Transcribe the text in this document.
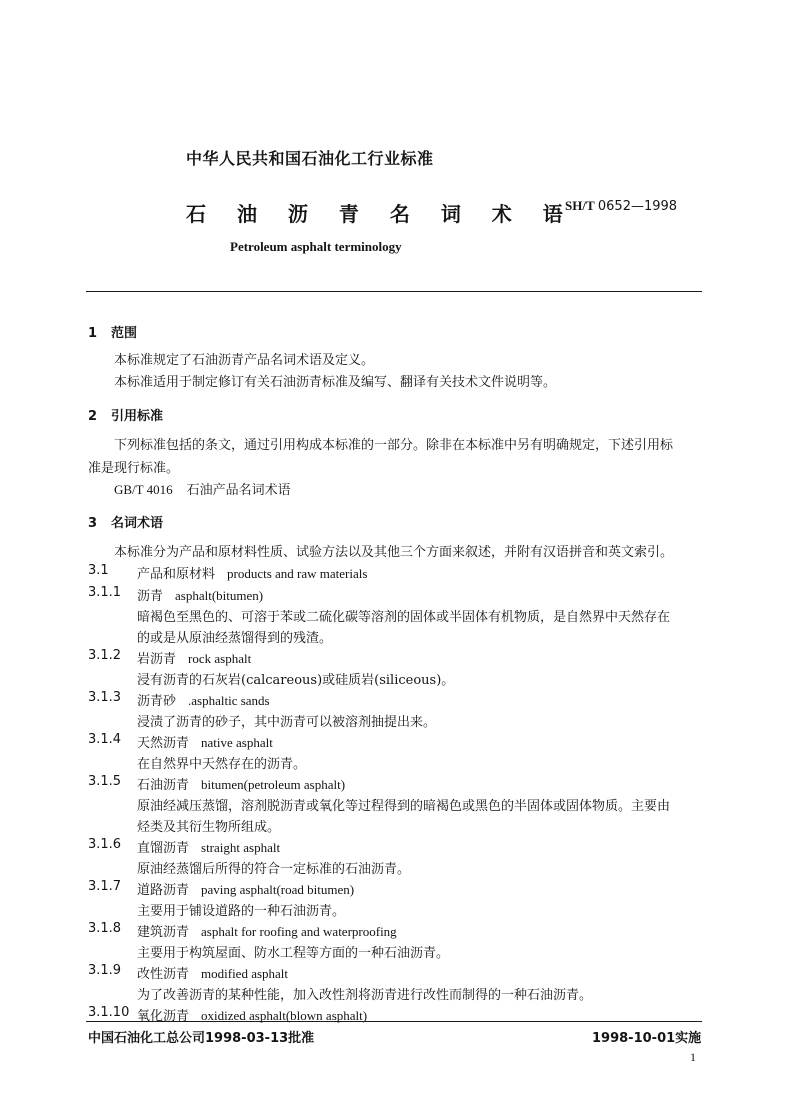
中华人民共和国石油化工行业标准
石 油 沥 青 名 词 术 语
SH/T 0652—1998
Petroleum asphalt terminology
1 范围
本标准规定了石油沥青产品名词术语及定义。
本标准适用于制定修订有关石油沥青标准及编写、翻译有关技术文件说明等。
2 引用标准
下列标准包括的条文，通过引用构成本标准的一部分。除非在本标准中另有明确规定，下述引用标
准是现行标准。
GB/T 4016 石油产品名词术语
3 名词术语
本标准分为产品和原材料性质、试验方法以及其他三个方面来叙述，并附有汉语拼音和英文索引。
3.1 产品和原材料 products and raw materials
3.1.1 沥青 asphalt(bitumen)
暗褐色至黑色的、可溶于苯或二硫化碳等溶剂的固体或半固体有机物质，是自然界中天然存在
的或是从原油经蒸馏得到的残渣。
3.1.2 岩沥青 rock asphalt
浸有沥青的石灰岩(calcareous)或硅质岩(siliceous)。
3.1.3 沥青砂 .asphaltic sands
浸渍了沥青的砂子，其中沥青可以被溶剂抽提出来。
3.1.4 天然沥青 native asphalt
在自然界中天然存在的沥青。
3.1.5 石油沥青 bitumen(petroleum asphalt)
原油经减压蒸馏，溶剂脱沥青或氧化等过程得到的暗褐色或黑色的半固体或固体物质。主要由
烃类及其衍生物所组成。
3.1.6 直馏沥青 straight asphalt
原油经蒸馏后所得的符合一定标准的石油沥青。
3.1.7 道路沥青 paving asphalt(road bitumen)
主要用于铺设道路的一种石油沥青。
3.1.8 建筑沥青 asphalt for roofing and waterproofing
主要用于构筑屋面、防水工程等方面的一种石油沥青。
3.1.9 改性沥青 modified asphalt
为了改善沥青的某种性能，加入改性剂将沥青进行改性而制得的一种石油沥青。
3.1.10 氧化沥青 oxidized asphalt(blown asphalt)
中国石油化工总公司1998-03-13批准	1998-10-01实施
1
